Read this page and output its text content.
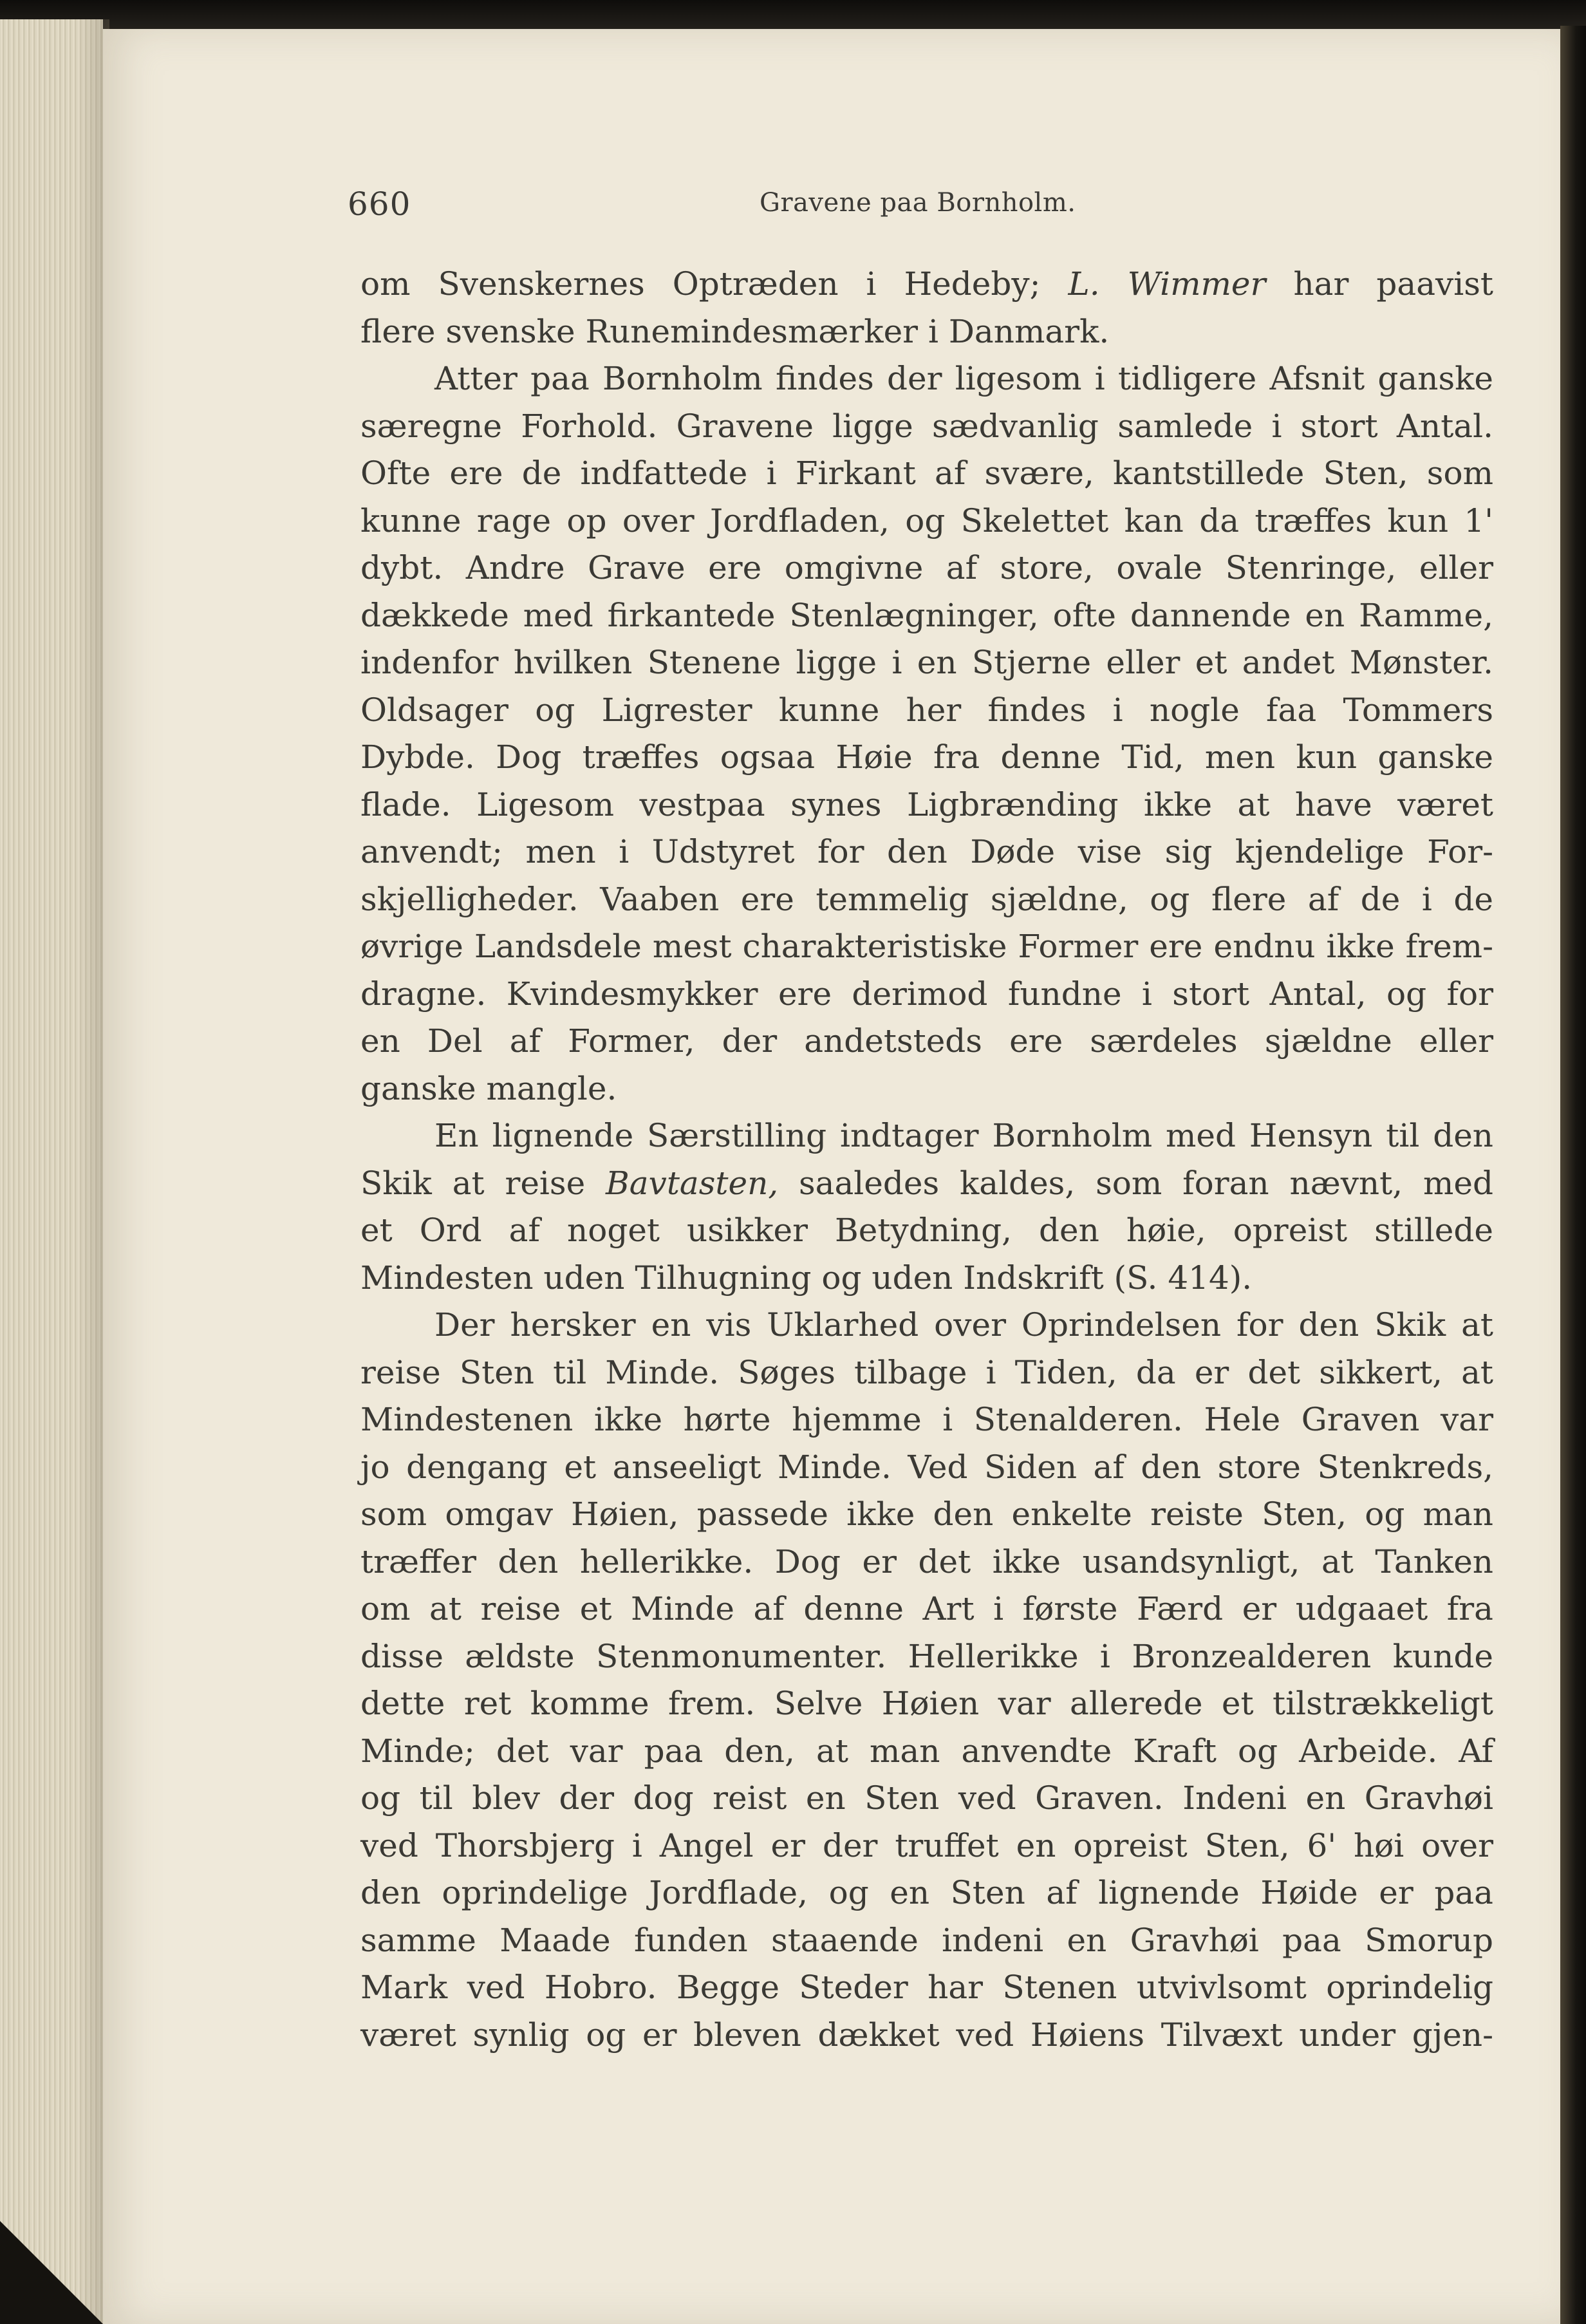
660	Gravene paa Bornholm.
om Svenskernes Optræden i Hedeby; L. Wimmer har paavist
flere svenske Runemindesmærker i Danmark.
Atter paa Bornholm findes der ligesom i tidligere Afsnit ganske
særegne Forhold. Gravene ligge sædvanlig samlede i stort Antal.
Ofte ere de indfattede i Firkant af svære, kantstillede Sten, som
kunne rage op over Jordfladen, og Skelettet kan da træffes kun 1'
dybt. Andre Grave ere omgivne af store, ovale Stenringe, eller
dækkede med firkantede Stenlægninger, ofte dannende en Ramme,
indenfor hvilken Stenene ligge i en Stjerne eller et andet Mønster.
Oldsager og Ligrester kunne her findes i nogle faa Tommers
Dybde. Dog træffes ogsaa Høie fra denne Tid, men kun ganske
flade. Ligesom vestpaa synes Ligbrænding ikke at have været
anvendt; men i Udstyret for den Døde vise sig kjendelige For-
skjelligheder. Vaaben ere temmelig sjældne, og flere af de i de
øvrige Landsdele mest charakteristiske Former ere endnu ikke frem-
dragne. Kvindesmykker ere derimod fundne i stort Antal, og for
en Del af Former, der andetsteds ere særdeles sjældne eller
ganske mangle.
En lignende Særstilling indtager Bornholm med Hensyn til den
Skik at reise Bavtasten, saaledes kaldes, som foran nævnt, med
et Ord af noget usikker Betydning, den høie, opreist stillede
Mindesten uden Tilhugning og uden Indskrift (S. 414).
Der hersker en vis Uklarhed over Oprindelsen for den Skik at
reise Sten til Minde. Søges tilbage i Tiden, da er det sikkert, at
Mindestenen ikke hørte hjemme i Stenalderen. Hele Graven var
jo dengang et anseeligt Minde. Ved Siden af den store Stenkreds,
som omgav Høien, passede ikke den enkelte reiste Sten, og man
træffer den hellerikke. Dog er det ikke usandsynligt, at Tanken
om at reise et Minde af denne Art i første Færd er udgaaet fra
disse ældste Stenmonumenter. Hellerikke i Bronzealderen kunde
dette ret komme frem. Selve Høien var allerede et tilstrækkeligt
Minde; det var paa den, at man anvendte Kraft og Arbeide. Af
og til blev der dog reist en Sten ved Graven. Indeni en Gravhøi
ved Thorsbjerg i Angel er der truffet en opreist Sten, 6' høi over
den oprindelige Jordflade, og en Sten af lignende Høide er paa
samme Maade funden staaende indeni en Gravhøi paa Smorup
Mark ved Hobro. Begge Steder har Stenen utvivlsomt oprindelig
været synlig og er bleven dækket ved Høiens Tilvæxt under gjen-
